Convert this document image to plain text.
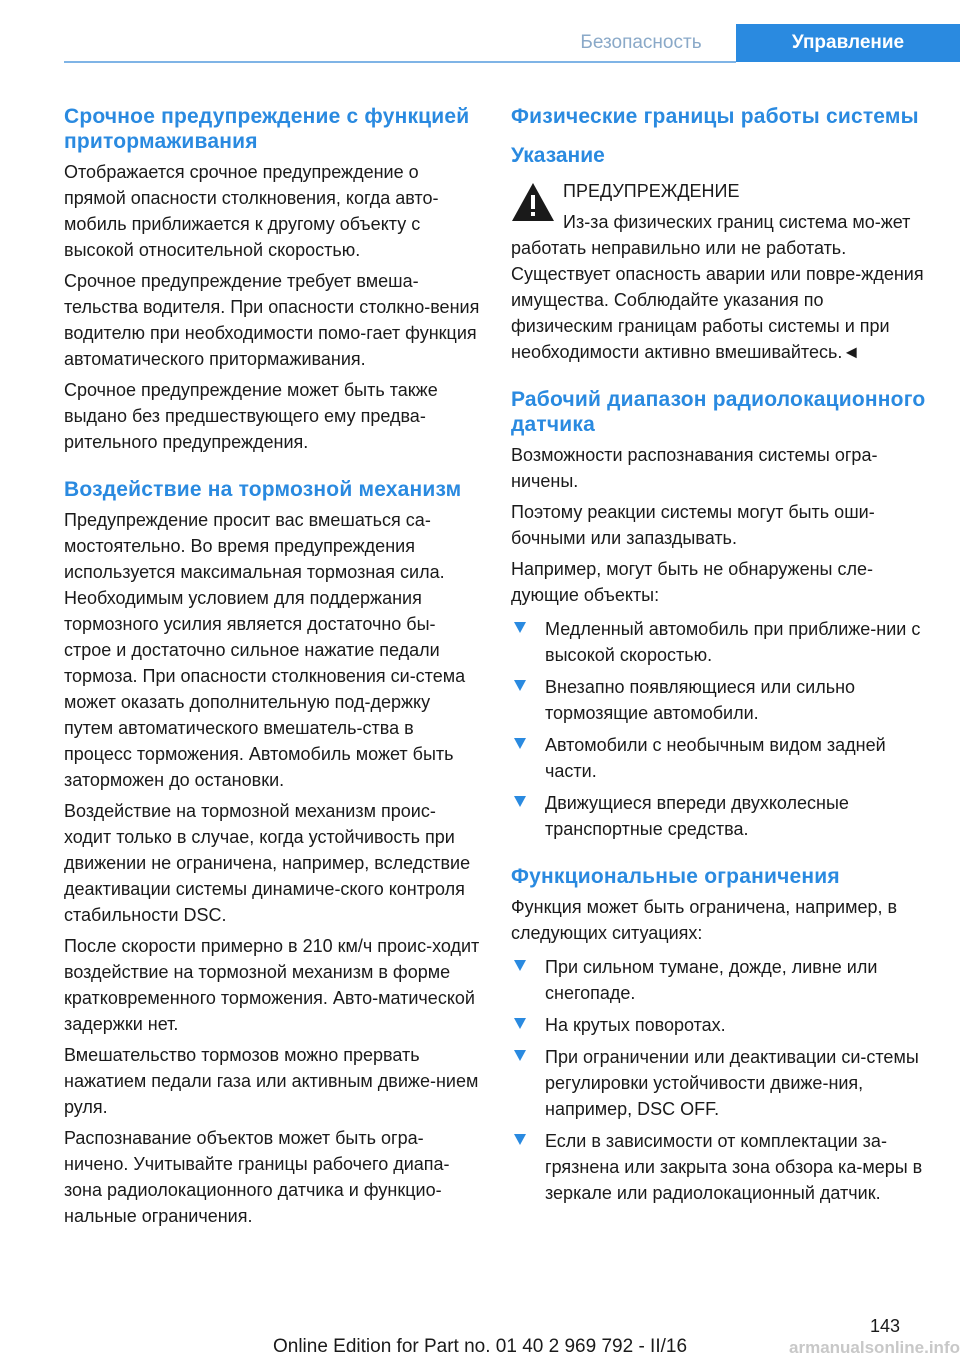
Безопасность	Управление
Срочное предупреждение с функцией притормаживания

Отображается срочное предупреждение о прямой опасности столкновения, когда авто-мобиль приближается к другому объекту с высокой относительной скоростью.

Срочное предупреждение требует вмеша-тельства водителя. При опасности столкно-вения водителю при необходимости помо-гает функция автоматического притормаживания.

Срочное предупреждение может быть также выдано без предшествующего ему предва-рительного предупреждения.

Воздействие на тормозной механизм

Предупреждение просит вас вмешаться са-мостоятельно. Во время предупреждения используется максимальная тормозная сила. Необходимым условием для поддержания тормозного усилия является достаточно бы-строе и достаточно сильное нажатие педали тормоза. При опасности столкновения си-стема может оказать дополнительную под-держку путем автоматического вмешатель-ства в процесс торможения. Автомобиль может быть заторможен до остановки.

Воздействие на тормозной механизм проис-ходит только в случае, когда устойчивость при движении не ограничена, например, вследствие деактивации системы динамиче-ского контроля стабильности DSC.

После скорости примерно в 210 км/ч проис-ходит воздействие на тормозной механизм в форме кратковременного торможения. Авто-матической задержки нет.

Вмешательство тормозов можно прервать нажатием педали газа или активным движе-нием руля.

Распознавание объектов может быть огра-ничено. Учитывайте границы рабочего диапа-зона радиолокационного датчика и функцио-нальные ограничения.

Физические границы работы системы
Указание

ПРЕДУПРЕЖДЕНИЕ

Из-за физических границ система мо-жет работать неправильно или не работать. Существует опасность аварии или повре-ждения имущества. Соблюдайте указания по физическим границам работы системы и при необходимости активно вмешивайтесь.◄

Рабочий диапазон радиолокационного датчика

Возможности распознавания системы огра-ничены.

Поэтому реакции системы могут быть оши-бочными или запаздывать.

Например, могут быть не обнаружены сле-дующие объекты:

Медленный автомобиль при приближе-нии с высокой скоростью.
Внезапно появляющиеся или сильно тормозящие автомобили.
Автомобили с необычным видом задней части.
Движущиеся впереди двухколесные транспортные средства.
Функциональные ограничения

Функция может быть ограничена, например, в следующих ситуациях:

При сильном тумане, дожде, ливне или снегопаде.
На крутых поворотах.
При ограничении или деактивации си-стемы регулировки устойчивости движе-ния, например, DSC OFF.
Если в зависимости от комплектации за-грязнена или закрыта зона обзора ка-меры в зеркале или радиолокационный датчик.
143
Online Edition for Part no. 01 40 2 969 792 - II/16	armanualsonline.info
